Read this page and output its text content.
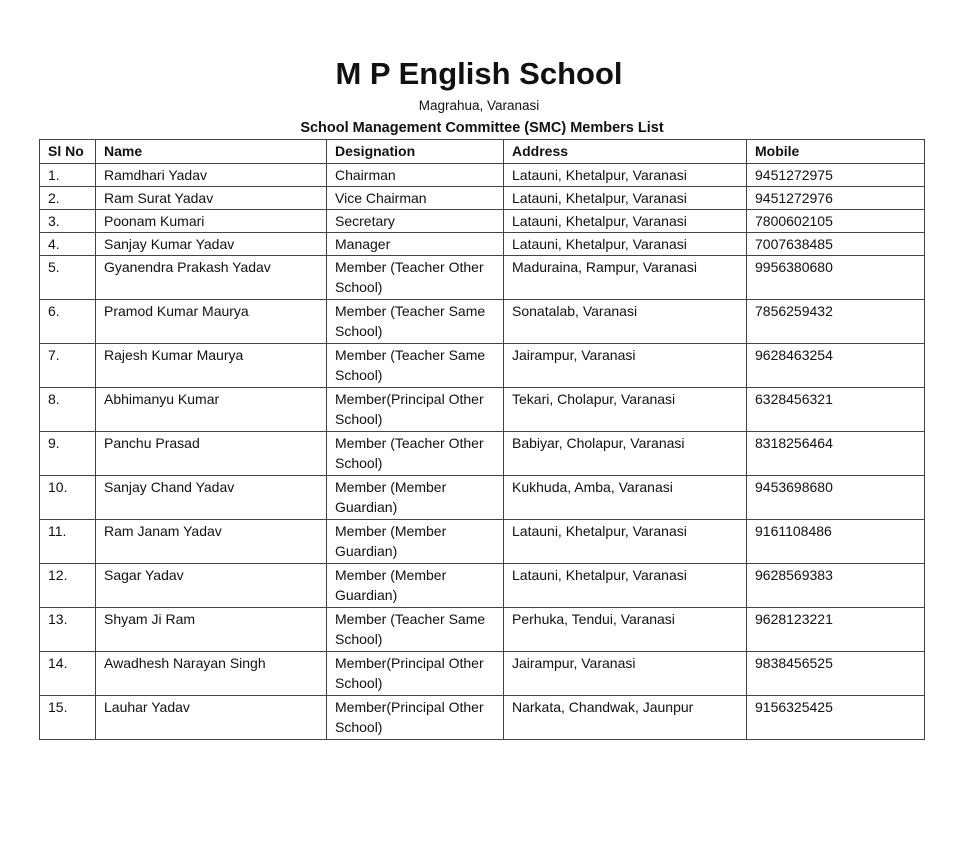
M P English School
Magrahua, Varanasi
School Management Committee (SMC) Members List
Sl No	Name	Designation	Address	Mobile
1.	Ramdhari Yadav	Chairman	Latauni, Khetalpur, Varanasi	9451272975
2.	Ram Surat Yadav	Vice Chairman	Latauni, Khetalpur, Varanasi	9451272976
3.	Poonam Kumari	Secretary	Latauni, Khetalpur, Varanasi	7800602105
4.	Sanjay Kumar Yadav	Manager	Latauni, Khetalpur, Varanasi	7007638485
5.	Gyanendra Prakash Yadav	Member (Teacher Other School)	Maduraina, Rampur, Varanasi	9956380680
6.	Pramod Kumar Maurya	Member (Teacher Same School)	Sonatalab, Varanasi	7856259432
7.	Rajesh Kumar Maurya	Member (Teacher Same School)	Jairampur, Varanasi	9628463254
8.	Abhimanyu Kumar	Member(Principal Other School)	Tekari, Cholapur, Varanasi	6328456321
9.	Panchu Prasad	Member (Teacher Other School)	Babiyar, Cholapur, Varanasi	8318256464
10.	Sanjay Chand Yadav	Member (Member Guardian)	Kukhuda, Amba, Varanasi	9453698680
11.	Ram Janam Yadav	Member (Member Guardian)	Latauni, Khetalpur, Varanasi	9161108486
12.	Sagar Yadav	Member (Member Guardian)	Latauni, Khetalpur, Varanasi	9628569383
13.	Shyam Ji Ram	Member (Teacher Same School)	Perhuka, Tendui, Varanasi	9628123221
14.	Awadhesh Narayan Singh	Member(Principal Other School)	Jairampur, Varanasi	9838456525
15.	Lauhar Yadav	Member(Principal Other School)	Narkata, Chandwak, Jaunpur	9156325425
